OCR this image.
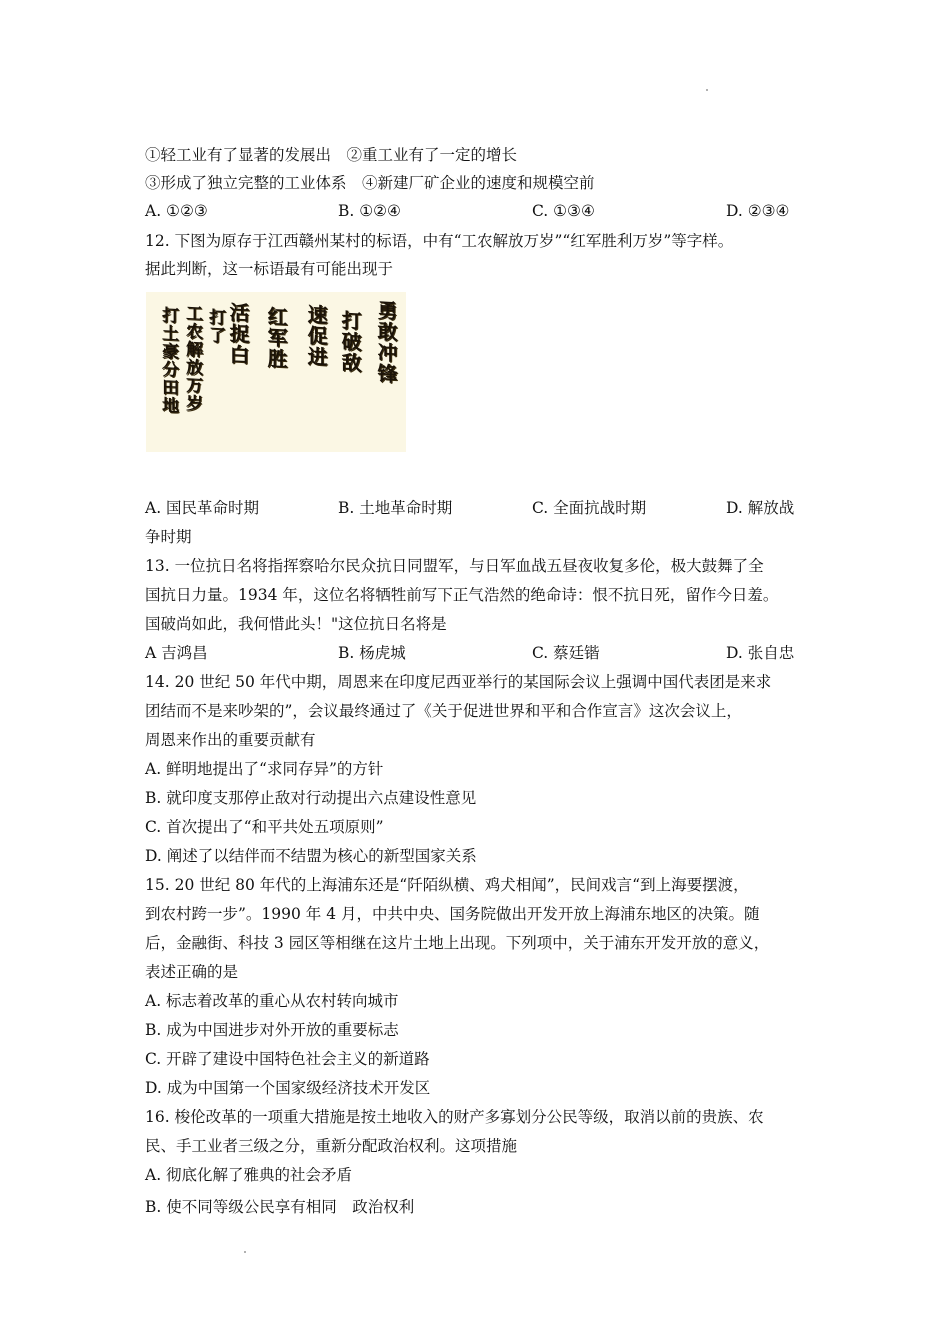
①轻工业有了显著的发展出　②重工业有了一定的增长
③形成了独立完整的工业体系　④新建厂矿企业的速度和规模空前
A. ①②③	B. ①②④	C. ①③④	D. ②③④
12. 下图为原存于江西赣州某村的标语，中有“工农解放万岁”“红军胜利万岁”等字样。
据此判断，这一标语最有可能出现于
勇敢冲锋
打破敌
速促进
红军胜
活捉白
打了
工农解放万岁
打土豪分田地
A. 国民革命时期	B. 土地革命时期	C. 全面抗战时期	D. 解放战
争时期
13. 一位抗日名将指挥察哈尔民众抗日同盟军，与日军血战五昼夜收复多伦，极大鼓舞了全
国抗日力量。1934 年，这位名将牺牲前写下正气浩然的绝命诗：恨不抗日死，留作今日羞。
国破尚如此，我何惜此头！"这位抗日名将是
A 吉鸿昌	B. 杨虎城	C. 蔡廷锴	D. 张自忠
14. 20 世纪 50 年代中期，周恩来在印度尼西亚举行的某国际会议上强调中国代表团是来求
团结而不是来吵架的”，会议最终通过了《关于促进世界和平和合作宣言》这次会议上，
周恩来作出的重要贡献有
A. 鲜明地提出了“求同存异”的方针
B. 就印度支那停止敌对行动提出六点建设性意见
C. 首次提出了“和平共处五项原则”
D. 阐述了以结伴而不结盟为核心的新型国家关系
15. 20 世纪 80 年代的上海浦东还是“阡陌纵横、鸡犬相闻”，民间戏言“到上海要摆渡，
到农村跨一步”。1990 年 4 月，中共中央、国务院做出开发开放上海浦东地区的决策。随
后，金融街、科技 3 园区等相继在这片土地上出现。下列项中，关于浦东开发开放的意义，
表述正确的是
A. 标志着改革的重心从农村转向城市
B. 成为中国进步对外开放的重要标志
C. 开辟了建设中国特色社会主义的新道路
D. 成为中国第一个国家级经济技术开发区
16. 梭伦改革的一项重大措施是按土地收入的财产多寡划分公民等级，取消以前的贵族、农
民、手工业者三级之分，重新分配政治权利。这项措施
A. 彻底化解了雅典的社会矛盾
B. 使不同等级公民享有相同　政治权利
